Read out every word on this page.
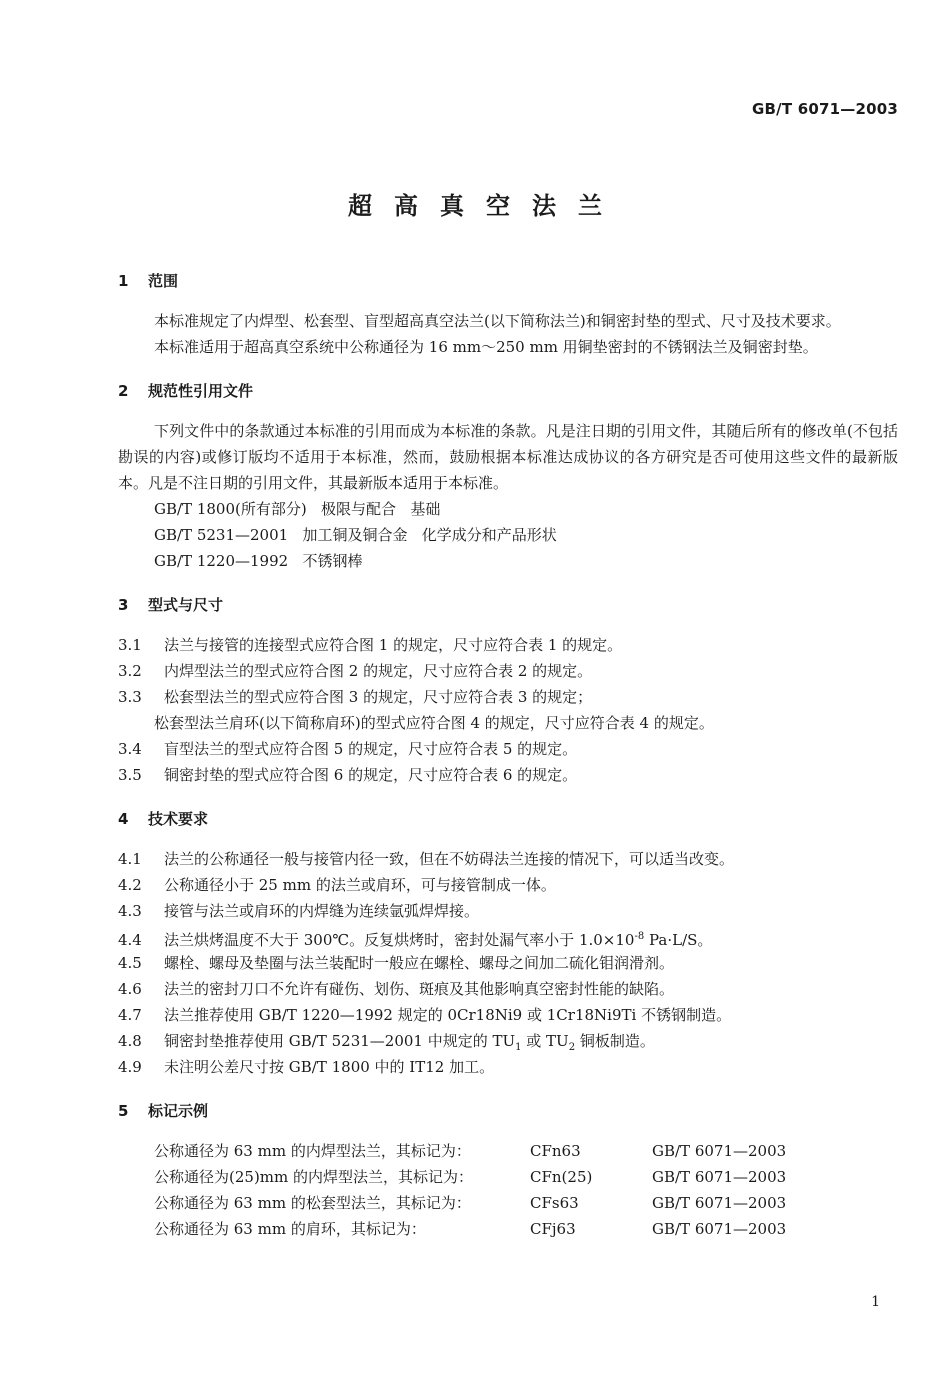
GB/T 6071—2003
超高真空法兰
1 范围

本标准规定了内焊型、松套型、盲型超高真空法兰(以下简称法兰)和铜密封垫的型式、尺寸及技术要求。

本标准适用于超高真空系统中公称通径为 16 mm～250 mm 用铜垫密封的不锈钢法兰及铜密封垫。

2 规范性引用文件

下列文件中的条款通过本标准的引用而成为本标准的条款。凡是注日期的引用文件，其随后所有的修改单(不包括勘误的内容)或修订版均不适用于本标准，然而，鼓励根据本标准达成协议的各方研究是否可使用这些文件的最新版本。凡是不注日期的引用文件，其最新版本适用于本标准。

GB/T 1800(所有部分)   极限与配合   基础
GB/T 5231—2001   加工铜及铜合金   化学成分和产品形状
GB/T 1220—1992   不锈钢棒
3 型式与尺寸
3.1 法兰与接管的连接型式应符合图 1 的规定，尺寸应符合表 1 的规定。
3.2 内焊型法兰的型式应符合图 2 的规定，尺寸应符合表 2 的规定。
3.3 松套型法兰的型式应符合图 3 的规定，尺寸应符合表 3 的规定；
松套型法兰肩环(以下简称肩环)的型式应符合图 4 的规定，尺寸应符合表 4 的规定。
3.4 盲型法兰的型式应符合图 5 的规定，尺寸应符合表 5 的规定。
3.5 铜密封垫的型式应符合图 6 的规定，尺寸应符合表 6 的规定。
4 技术要求
4.1 法兰的公称通径一般与接管内径一致，但在不妨碍法兰连接的情况下，可以适当改变。
4.2 公称通径小于 25 mm 的法兰或肩环，可与接管制成一体。
4.3 接管与法兰或肩环的内焊缝为连续氩弧焊焊接。
4.4 法兰烘烤温度不大于 300℃。反复烘烤时，密封处漏气率小于 $1.0\times 10^{-8}$ Pa·L/S。
4.5 螺栓、螺母及垫圈与法兰装配时一般应在螺栓、螺母之间加二硫化钼润滑剂。
4.6 法兰的密封刀口不允许有碰伤、划伤、斑痕及其他影响真空密封性能的缺陷。
4.7 法兰推荐使用 GB/T 1220—1992 规定的 0Cr18Ni9 或 1Cr18Ni9Ti 不锈钢制造。
4.8 铜密封垫推荐使用 GB/T 5231—2001 中规定的 $TU_1$ 或 $TU_2$ 铜板制造。
4.9 未注明公差尺寸按 GB/T 1800 中的 IT12 加工。
5 标记示例
公称通径为 63 mm 的内焊型法兰，其标记为：	CFn63	GB/T 6071—2003
公称通径为(25)mm 的内焊型法兰，其标记为：	CFn(25)	GB/T 6071—2003
公称通径为 63 mm 的松套型法兰，其标记为：	CFs63	GB/T 6071—2003
公称通径为 63 mm 的肩环，其标记为：	CFj63	GB/T 6071—2003
1
